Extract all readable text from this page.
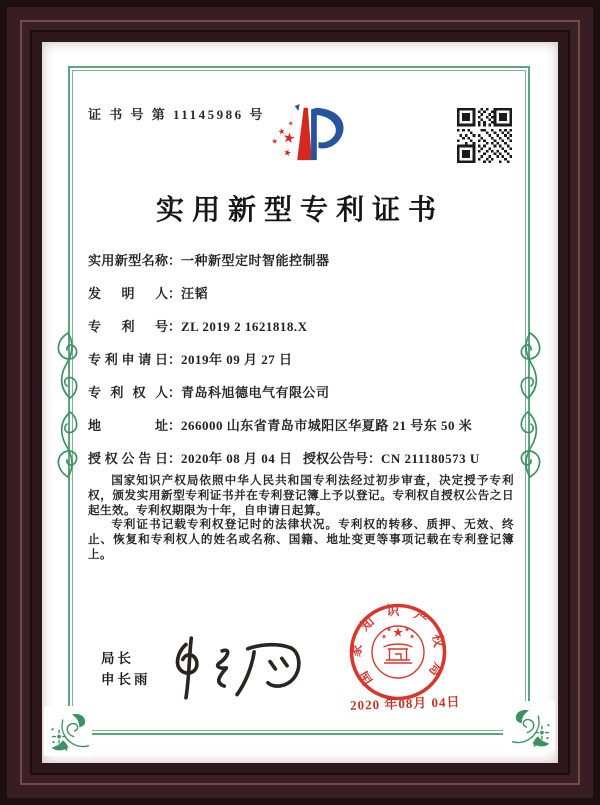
证 书 号 第 11145986 号
实用新型专利证书
实用新型名称：一种新型定时智能控制器
发明人：汪韬
专利号：ZL 2019 2 1621818.X
专利申请日：2019年 09 月 27 日
专利权人：青岛科旭德电气有限公司
地址：266000 山东省青岛市城阳区华夏路 21 号东 50 米
授权公告日：2020年 08 月 04 日 授权公告号：CN 211180573 U

国家知识产权局依照中华人民共和国专利法经过初步审查，决定授予专利权，颁发实用新型专利证书并在专利登记簿上予以登记。专利权自授权公告之日起生效。专利权期限为十年，自申请日起算。

专利证书记载专利权登记时的法律状况。专利权的转移、质押、无效、终止、恢复和专利权人的姓名或名称、国籍、地址变更等事项记载在专利登记簿上。

局长
申长雨	国家知识产权局
2020 年08月 04日
